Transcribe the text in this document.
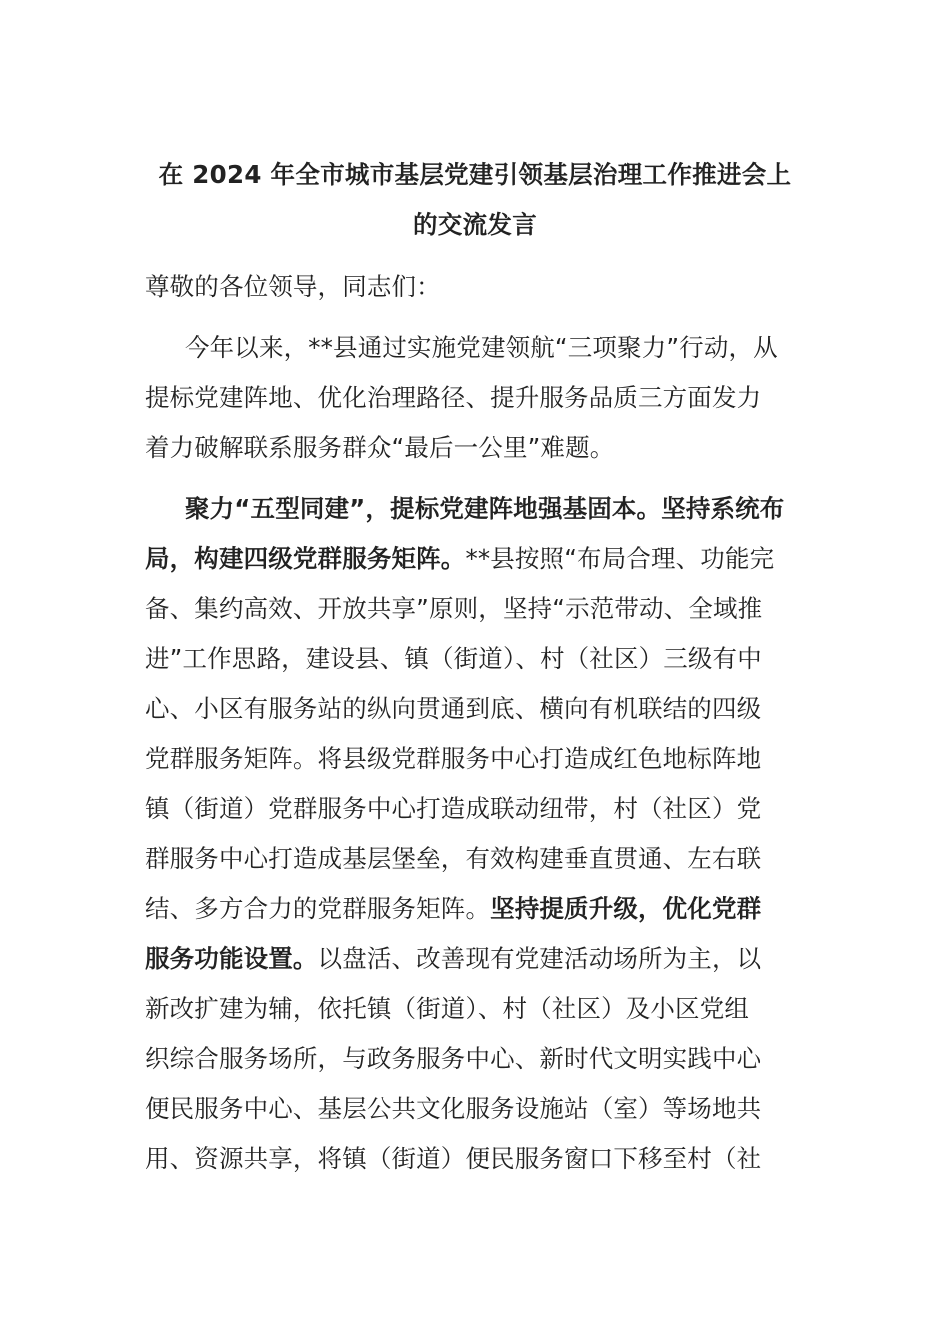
在 2024 年全市城市基层党建引领基层治理工作推进会上
的交流发言

尊敬的各位领导，同志们：

今年以来，**县通过实施党建领航“三项聚力”行动，从
提标党建阵地、优化治理路径、提升服务品质三方面发力
着力破解联系服务群众“最后一公里”难题。

聚力“五型同建”，提标党建阵地强基固本。坚持系统布
局，构建四级党群服务矩阵。**县按照“布局合理、功能完
备、集约高效、开放共享”原则，坚持“示范带动、全域推
进”工作思路，建设县、镇（街道）、村（社区）三级有中
心、小区有服务站的纵向贯通到底、横向有机联结的四级
党群服务矩阵。将县级党群服务中心打造成红色地标阵地
镇（街道）党群服务中心打造成联动纽带，村（社区）党
群服务中心打造成基层堡垒，有效构建垂直贯通、左右联
结、多方合力的党群服务矩阵。坚持提质升级，优化党群
服务功能设置。以盘活、改善现有党建活动场所为主，以
新改扩建为辅，依托镇（街道）、村（社区）及小区党组
织综合服务场所，与政务服务中心、新时代文明实践中心
便民服务中心、基层公共文化服务设施站（室）等场地共
用、资源共享，将镇（街道）便民服务窗口下移至村（社
